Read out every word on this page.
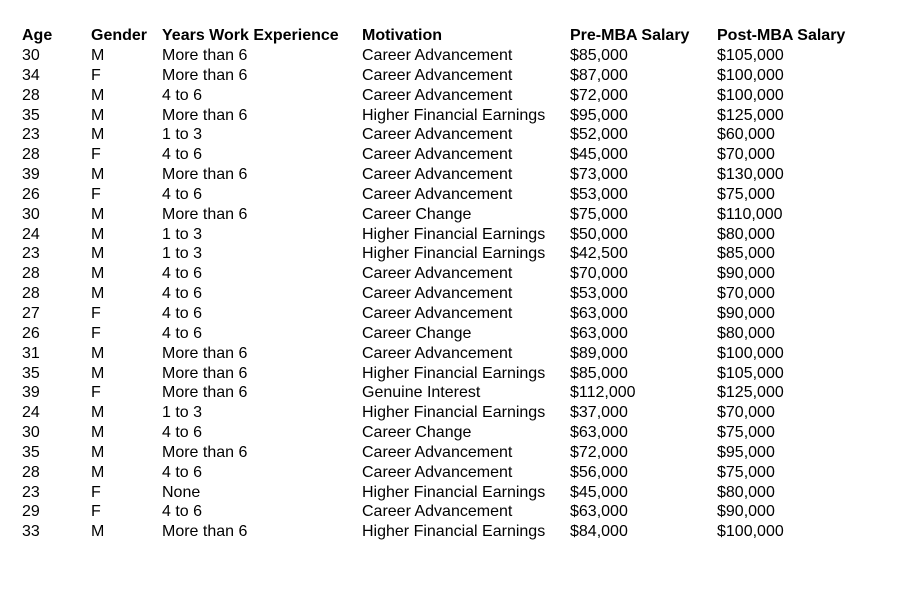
Age	Gender	Years Work Experience	Motivation	Pre-MBA Salary	Post-MBA Salary
30	M	More than 6	Career Advancement	$85,000	$105,000
34	F	More than 6	Career Advancement	$87,000	$100,000
28	M	4 to 6	Career Advancement	$72,000	$100,000
35	M	More than 6	Higher Financial Earnings	$95,000	$125,000
23	M	1 to 3	Career Advancement	$52,000	$60,000
28	F	4 to 6	Career Advancement	$45,000	$70,000
39	M	More than 6	Career Advancement	$73,000	$130,000
26	F	4 to 6	Career Advancement	$53,000	$75,000
30	M	More than 6	Career Change	$75,000	$110,000
24	M	1 to 3	Higher Financial Earnings	$50,000	$80,000
23	M	1 to 3	Higher Financial Earnings	$42,500	$85,000
28	M	4 to 6	Career Advancement	$70,000	$90,000
28	M	4 to 6	Career Advancement	$53,000	$70,000
27	F	4 to 6	Career Advancement	$63,000	$90,000
26	F	4 to 6	Career Change	$63,000	$80,000
31	M	More than 6	Career Advancement	$89,000	$100,000
35	M	More than 6	Higher Financial Earnings	$85,000	$105,000
39	F	More than 6	Genuine Interest	$112,000	$125,000
24	M	1 to 3	Higher Financial Earnings	$37,000	$70,000
30	M	4 to 6	Career Change	$63,000	$75,000
35	M	More than 6	Career Advancement	$72,000	$95,000
28	M	4 to 6	Career Advancement	$56,000	$75,000
23	F	None	Higher Financial Earnings	$45,000	$80,000
29	F	4 to 6	Career Advancement	$63,000	$90,000
33	M	More than 6	Higher Financial Earnings	$84,000	$100,000
